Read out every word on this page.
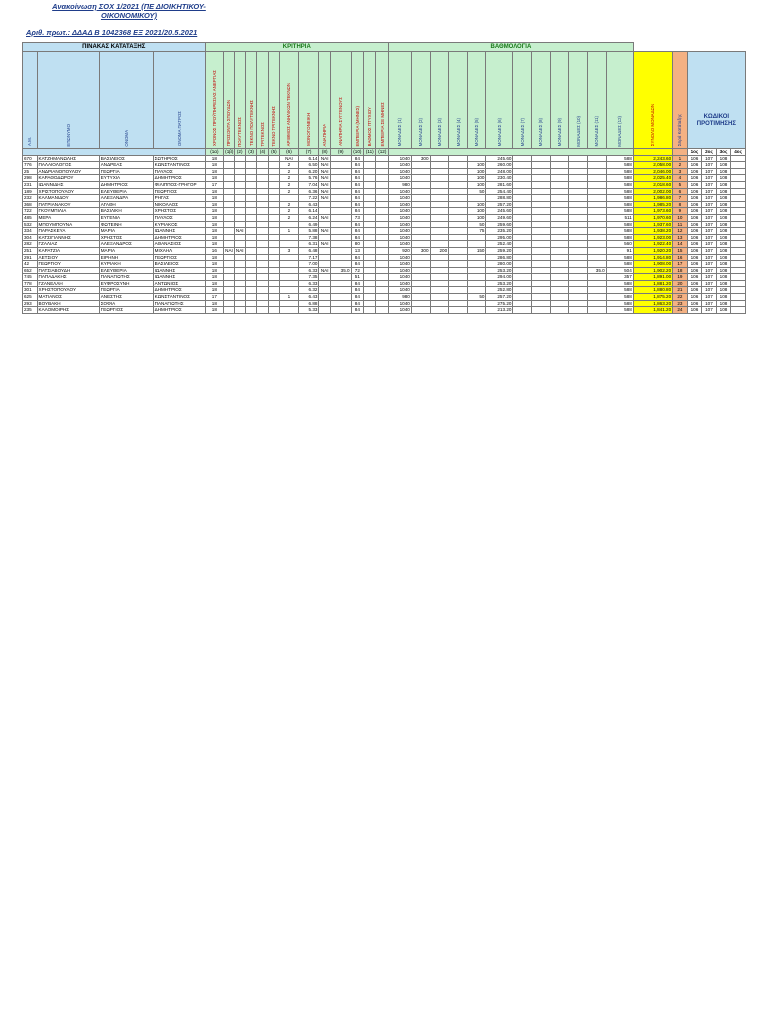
Ανακοίνωση ΣΟΧ 1/2021 (ΠΕ ΔΙΟΙΚΗΤΙΚΟΥ-ΟΙΚΟΝΟΜΙΚΟΥ)
Αριθ. πρωτ.: ΔΔΑΔ Β 1042368 ΕΞ 2021/20.5.2021
ΠΙΝΑΚΑΣ ΚΑΤΑΤΑΞΗΣ				ΚΡΙΤΗΡΙΑ													ΒΑΘΜΟΛΟΓΙΑ																	
Α.Μ.	ΕΠΩΝΥΜΟ	ΟΝΟΜΑ	ΟΝΟΜΑ ΠΑΤΡΟΣ	ΧΡΟΝΟΣ ΠΡΟΫΠΗΡΕΣΙΑΣ ΑΝΕΡΓΙΑΣ	ΠΡΟΣΟΝΤΑ ΣΠΟΥΔΩΝ	ΠΟΛΥΤΕΚΝΟΣ	ΤΕΚΝΟ ΠΟΛΥΤΕΚΝΗΣ	ΤΡΙΤΕΚΝΟΣ	ΤΕΚΝΟ ΤΡΙΤΕΚΝΗΣ	ΑΡΙΘΜΟΣ ΑΝΗΛΙΚΩΝ ΤΕΚΝΩΝ	ΜΟΝΟΓΟΝΕΙΚΗ	ΑΝΑΠΗΡΙΑ	ΑΝΑΠΗΡΙΑ ΣΥΓΓΕΝΟΥΣ	ΕΜΠΕΙΡΙΑ (ΜΗΝΕΣ)	ΒΑΘΜΟΣ ΠΤΥΧΙΟΥ	ΕΜΠΕΙΡΙΑ ΣΕ ΜΗΝΕΣ	ΜΟΝΑΔΕΣ (1)	ΜΟΝΑΔΕΣ (2)	ΜΟΝΑΔΕΣ (3)	ΜΟΝΑΔΕΣ (4)	ΜΟΝΑΔΕΣ (5)	ΜΟΝΑΔΕΣ (6)	ΜΟΝΑΔΕΣ (7)	ΜΟΝΑΔΕΣ (8)	ΜΟΝΑΔΕΣ (9)	ΜΟΝΑΔΕΣ (10)	ΜΟΝΑΔΕΣ (11)	ΜΟΝΑΔΕΣ (12)	ΣΥΝΟΛΟ ΜΟΝΑΔΩΝ	Σειρά Κατάταξης	ΚΩΔΙΚΟΙ ΠΡΟΤΙΜΗΣΗΣ			

				(1α)	(1β)	(2)	(3)	(4)	(5)	(6)	(7)	(8)	(9)	(10)	(11)	(12)															1ος	2ος	3ος	4ος
670	ΚΑΤΖΗΜΑΝΩΛΗΣ	ΒΑΣΙΛΕΙΟΣ	ΣΩΤΗΡΙΟΣ	18						ΝΑΙ	6.14	ΝΑΙ		84			1040	300				245.60						588	2,243.60	1	106	107	108	
776	ΠΑΛΑΙΟΛΟΓΟΣ	ΑΝΔΡΕΑΣ	ΚΩΝΣΤΑΝΤΙΝΟΣ	18						2	6.50	ΝΑΙ		84			1040				100	260.00						588	2,058.00	2	106	107	108	
25	ΑΝΔΡΙΑΝΟΠΟΥΛΟΥ	ΓΕΩΡΓΙΑ	ΠΑΥΛΟΣ	18						2	6.20	ΝΑΙ		84			1040				100	248.00						588	2,046.00	3	106	107	108	
298	ΚΑΡΑΘΟΔΩΡΟΥ	ΕΥΤΥΧΙΑ	ΔΗΜΗΤΡΙΟΣ	18						2	5.76	ΝΑΙ		84			1040				100	230.40						588	2,025.40	4	106	107	108	
231	ΙΩΑΝΝΙΔΗΣ	ΔΗΜΗΤΡΙΟΣ	ΦΙΛΙΠΠΟΣ-ΓΡΗΓΟΡ	17						2	7.04	ΝΑΙ		84			980				100	281.60						588	2,018.60	5	106	107	108	
189	ΧΡΙΣΤΟΠΟΥΛΟΥ	ΕΛΕΥΘΕΡΙΑ	ΓΕΩΡΓΙΟΣ	18						2	6.36	ΝΑΙ		84			1040				50	254.40						588	2,002.00	6	106	107	108	
232	ΚΑΛΜΑΝΙΔΟΥ	ΑΛΕΞΑΝΔΡΑ	ΡΗΓΑΣ	18							7.22	ΝΑΙ		84			1040					288.80						588	1,986.80	7	106	107	108	
368	ΠΑΤΡΙΑΝΑΚΟΥ	ΑΓΑΘΗ	ΝΙΚΟΛΑΟΣ	18						2	6.43			84			1040				100	257.20						588	1,985.20	8	106	107	108	
722	ΓΚΟΥΜΠΙΛΙΑ	ΒΑΣΙΛΙΚΗ	ΧΡΗΣΤΟΣ	18						2	6.14			84			1040				100	245.60						588	1,973.60	9	106	107	108	
485	ΜΕΡΑ	ΕΥΓΕΝΙΑ	ΠΑΥΛΟΣ	18						2	6.24	ΝΑΙ		73			1040				100	249.60						511	1,970.60	10	106	107	108	
532	ΜΠΟΥΜΠΟΥΝΑ	ΦΩΤΕΙΝΗ	ΚΥΡΙΑΚΟΣ	18							6.49			84			1040				50	259.60						588	1,937.60	11	106	107	108	
334	ΠΑΡΑΣΚΕΥΑ	ΜΑΡΙΑ	ΙΩΑΝΝΗΣ	18		ΝΑΙ				1	5.88	ΝΑΙ		84			1040				75	235.20						588	1,938.20	12	106	107	108	
304	ΚΑΤΣΙΓΙΑΝΝΗΣ	ΧΡΗΣΤΟΣ	ΔΗΜΗΤΡΙΟΣ	18							7.38			84			1040					295.00						588	1,923.00	13	106	107	108	
282	ΓΖΑΛΙΑΖ	ΑΛΕΞΑΝΔΡΟΣ	ΑΘΑΝΑΣΙΟΣ	18							6.31	ΝΑΙ		80			1040					252.40						560	1,922.40	14	106	107	108	
251	ΚΑΡΑΤΖΙΑ	ΜΑΡΙΑ	ΜΙΧΑΗΛ	16	ΝΑΙ	ΝΑΙ				3	6.48			13			920	300	200		150	259.20						91	1,920.20	15	106	107	108	
291	ΛΕΤΣΙΟΥ	ΕΙΡΗΝΗ	ΓΕΩΡΓΙΟΣ	18							7.17			84			1040					286.80						588	1,914.80	16	106	107	108	
42	ΓΕΩΡΓΙΟΥ	ΚΥΡΙΑΚΗ	ΒΑΣΙΛΕΙΟΣ	18							7.00			84			1040					280.00						588	1,908.00	17	106	107	108	
652	ΠΑΤΣΙΑΒΟΥΔΗ	ΕΛΕΥΘΕΡΙΑ	ΙΩΑΝΝΗΣ	18							6.33	ΝΑΙ	35.0	72			1040					253.20					35.0	504	1,902.20	18	106	107	108	
745	ΠΑΠΑΔΑΚΗΣ	ΠΑΝΑΓΙΩΤΗΣ	ΙΩΑΝΝΗΣ	18							7.35			51			1040					294.00						357	1,891.00	19	106	107	108	
778	ΓΖΑΝΕΛΛΗ	ΕΥΦΡΟΣΥΝΗ	ΑΝΤΩΝΙΟΣ	18							6.33			84			1040					253.20						588	1,881.20	20	106	107	108	
301	ΧΡΗΣΤΟΠΟΥΛΟΥ	ΓΕΩΡΓΙΑ	ΔΗΜΗΤΡΙΟΣ	18							6.32			84			1040					252.80						588	1,880.80	21	106	107	108	
625	ΜΑΤΙΑΝΟΣ	ΑΝΕΣΤΗΣ	ΚΩΝΣΤΑΝΤΙΝΟΣ	17						1	6.43			84			980				50	257.20						588	1,875.20	22	106	107	108	
293	ΒΟΥΒΑΚΗ	ΣΟΦΙΑ	ΠΑΝΑΓΙΩΤΗΣ	18							6.88			84			1040					275.20						588	1,863.20	23	106	107	108	
235	ΚΑΛΟΜΟΙΡΗΣ	ΓΕΩΡΓΙΟΣ	ΔΗΜΗΤΡΙΟΣ	18							5.33			84			1040					213.20						588	1,841.20	24	106	107	108	
